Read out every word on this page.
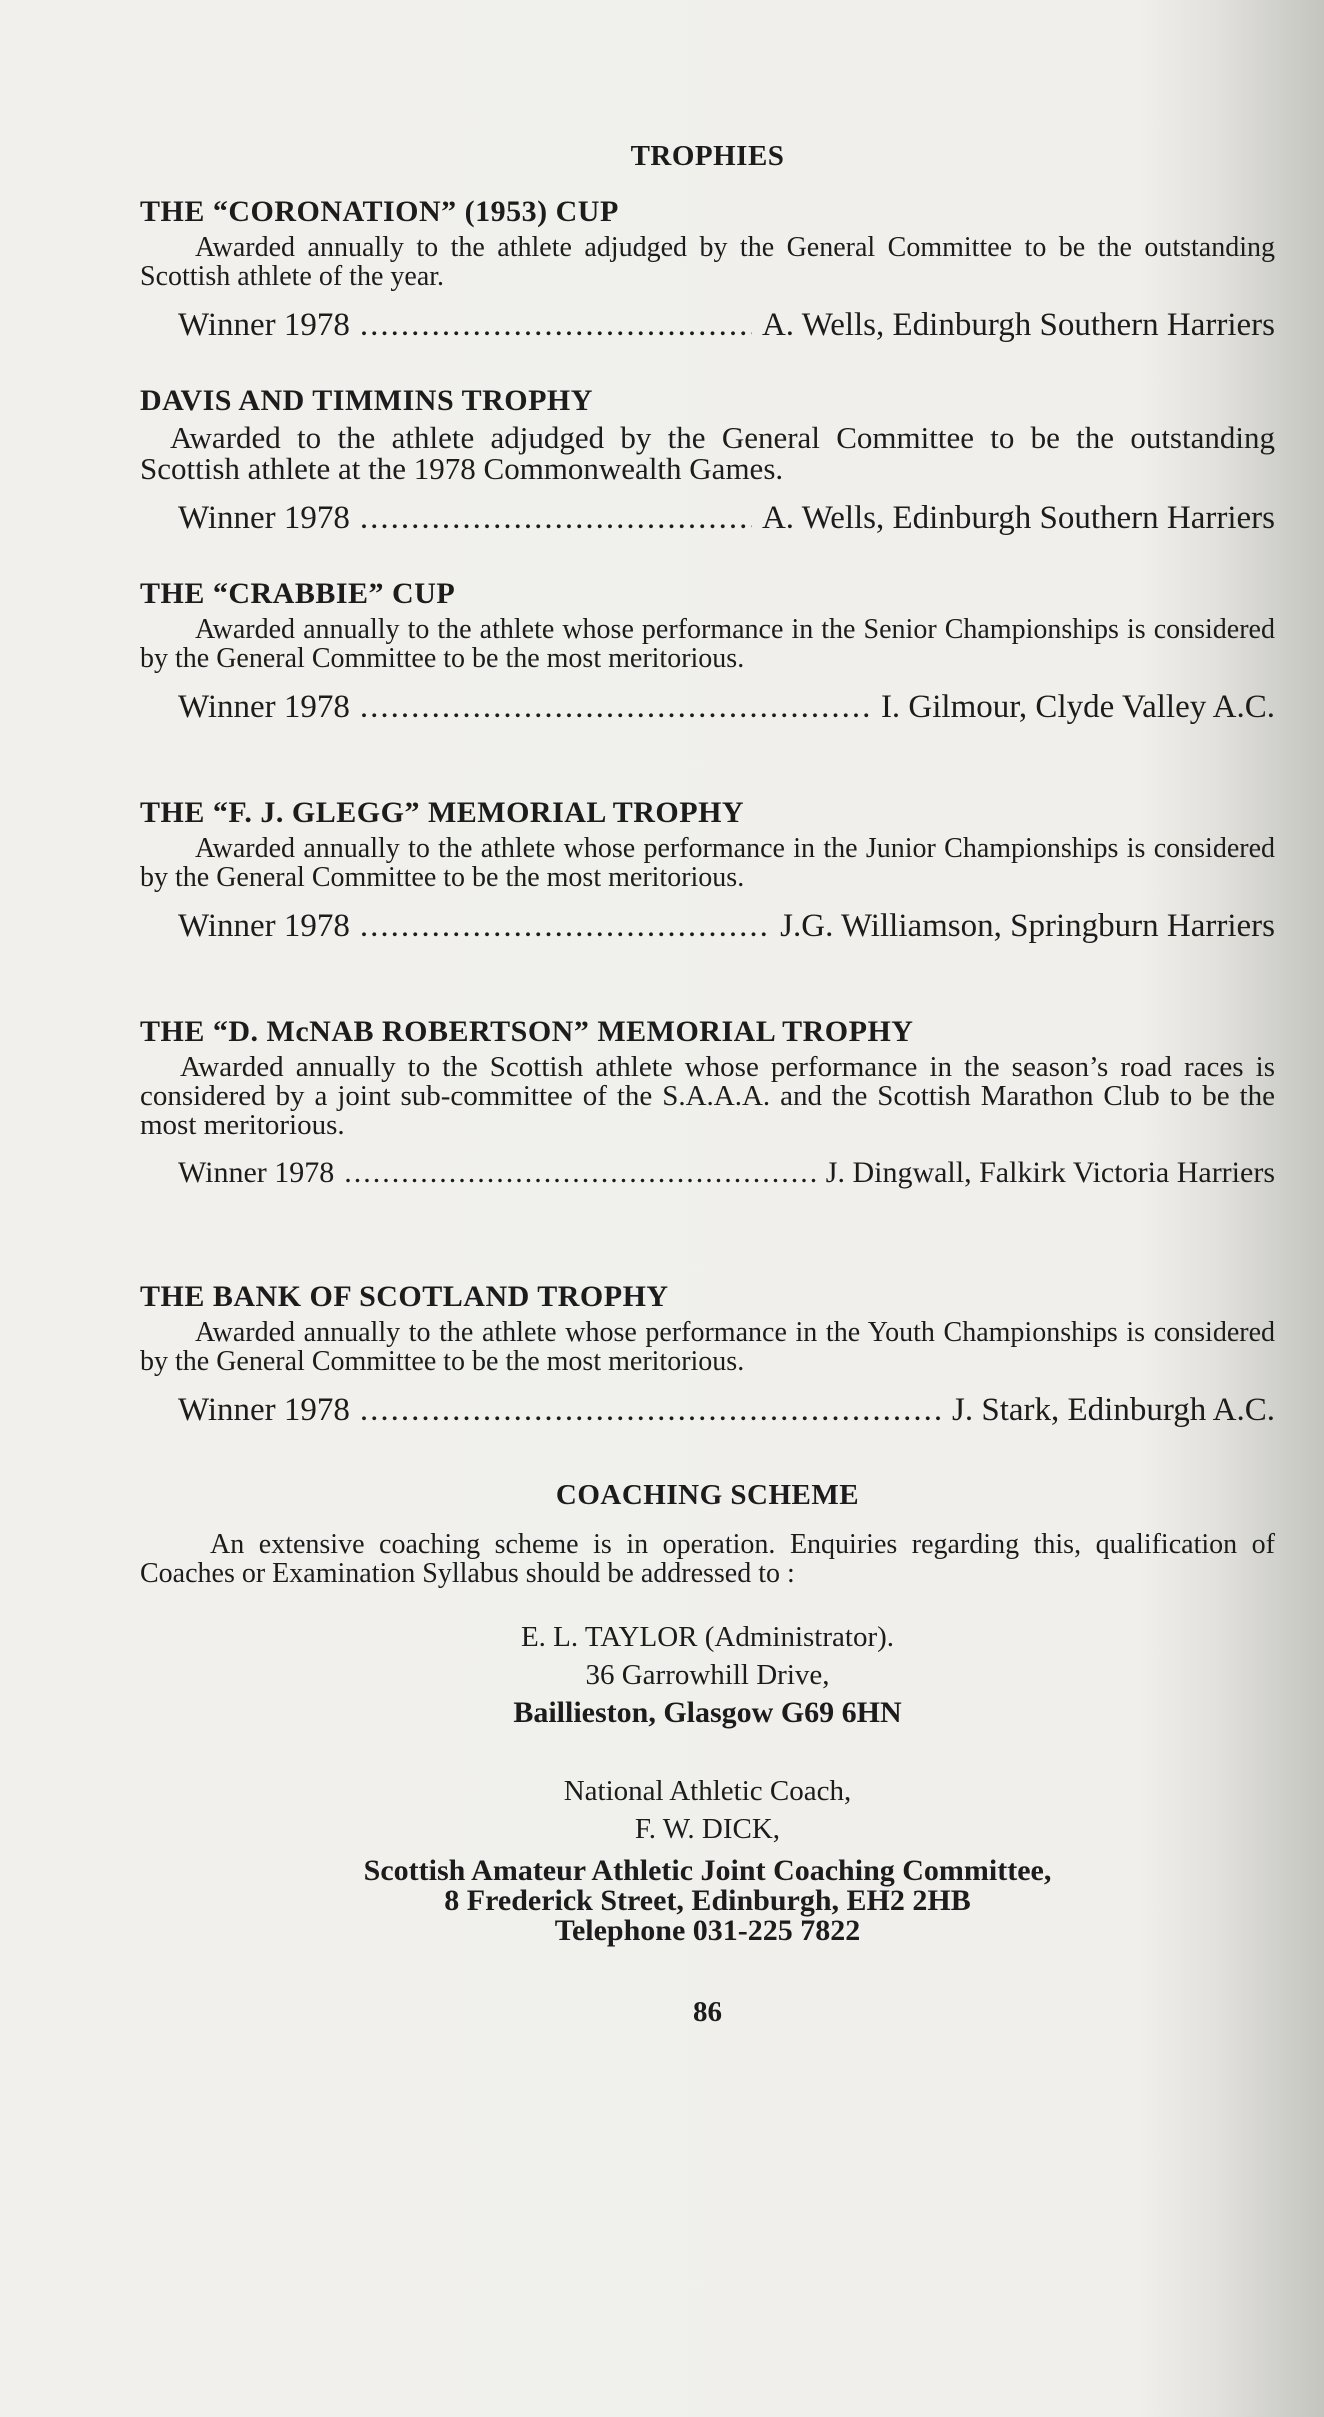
TROPHIES

THE “CORONATION” (1953) CUP

Awarded annually to the athlete adjudged by the General Committee to be the outstanding Scottish athlete of the year.

Winner 1978 .....	A. Wells, Edinburgh Southern Harriers

DAVIS AND TIMMINS TROPHY

Awarded to the athlete adjudged by the General Committee to be the outstanding Scottish athlete at the 1978 Commonwealth Games.

Winner 1978 .....	A. Wells, Edinburgh Southern Harriers

THE “CRABBIE” CUP

Awarded annually to the athlete whose performance in the Senior Championships is considered by the General Committee to be the most meritorious.

Winner 1978 .....	I. Gilmour, Clyde Valley A.C.

THE “F. J. GLEGG” MEMORIAL TROPHY

Awarded annually to the athlete whose performance in the Junior Championships is considered by the General Committee to be the most meritorious.

Winner 1978 .....	J.G. Williamson, Springburn Harriers

THE “D. McNAB ROBERTSON” MEMORIAL TROPHY

Awarded annually to the Scottish athlete whose performance in the season’s road races is considered by a joint sub-committee of the S.A.A.A. and the Scottish Marathon Club to be the most meritorious.

Winner 1978 .....	J. Dingwall, Falkirk Victoria Harriers

THE BANK OF SCOTLAND TROPHY

Awarded annually to the athlete whose performance in the Youth Championships is considered by the General Committee to be the most meritorious.

Winner 1978 .....	J. Stark, Edinburgh A.C.

COACHING SCHEME

An extensive coaching scheme is in operation. Enquiries regarding this, qualification of Coaches or Examination Syllabus should be addressed to :

E. L. TAYLOR (Administrator).
36 Garrowhill Drive,
Baillieston, Glasgow G69 6HN
National Athletic Coach,
F. W. DICK,
Scottish Amateur Athletic Joint Coaching Committee,
8 Frederick Street, Edinburgh, EH2 2HB
Telephone 031-225 7822
86
